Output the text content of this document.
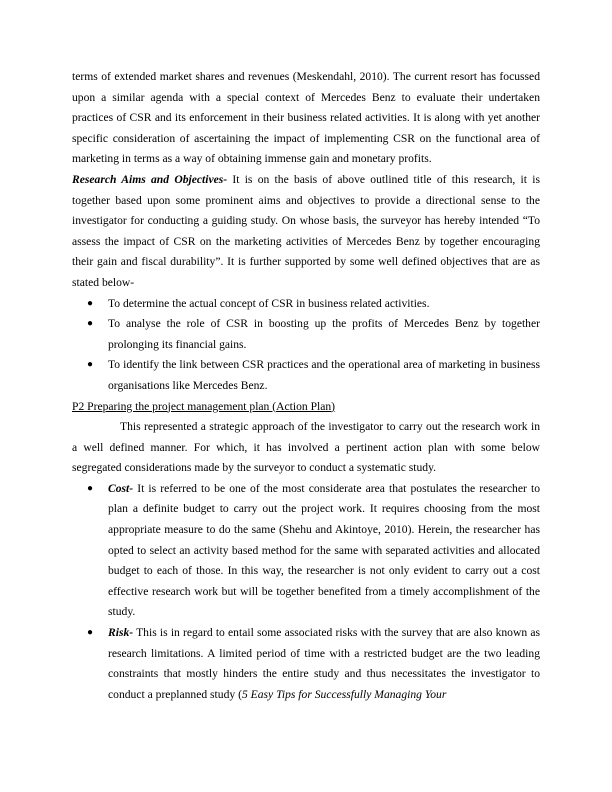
terms of extended market shares and revenues (Meskendahl, 2010). The current resort has focussed upon a similar agenda with a special context of Mercedes Benz to evaluate their undertaken practices of CSR and its enforcement in their business related activities. It is along with yet another specific consideration of ascertaining the impact of implementing CSR on the functional area of marketing in terms as a way of obtaining immense gain and monetary profits.

Research Aims and Objectives- It is on the basis of above outlined title of this research, it is together based upon some prominent aims and objectives to provide a directional sense to the investigator for conducting a guiding study. On whose basis, the surveyor has hereby intended “To assess the impact of CSR on the marketing activities of Mercedes Benz by together encouraging their gain and fiscal durability”. It is further supported by some well defined objectives that are as stated below-

●	To determine the actual concept of CSR in business related activities.
●	To analyse the role of CSR in boosting up the profits of Mercedes Benz by together prolonging its financial gains.
●	To identify the link between CSR practices and the operational area of marketing in business organisations like Mercedes Benz.

P2 Preparing the project management plan (Action Plan)

This represented a strategic approach of the investigator to carry out the research work in a well defined manner. For which, it has involved a pertinent action plan with some below segregated considerations made by the surveyor to conduct a systematic study.

●	Cost- It is referred to be one of the most considerate area that postulates the researcher to plan a definite budget to carry out the project work. It requires choosing from the most appropriate measure to do the same (Shehu and Akintoye, 2010). Herein, the researcher has opted to select an activity based method for the same with separated activities and allocated budget to each of those. In this way, the researcher is not only evident to carry out a cost effective research work but will be together benefited from a timely accomplishment of the study.
●	Risk- This is in regard to entail some associated risks with the survey that are also known as research limitations. A limited period of time with a restricted budget are the two leading constraints that mostly hinders the entire study and thus necessitates the investigator to conduct a preplanned study (5 Easy Tips for Successfully Managing Your
